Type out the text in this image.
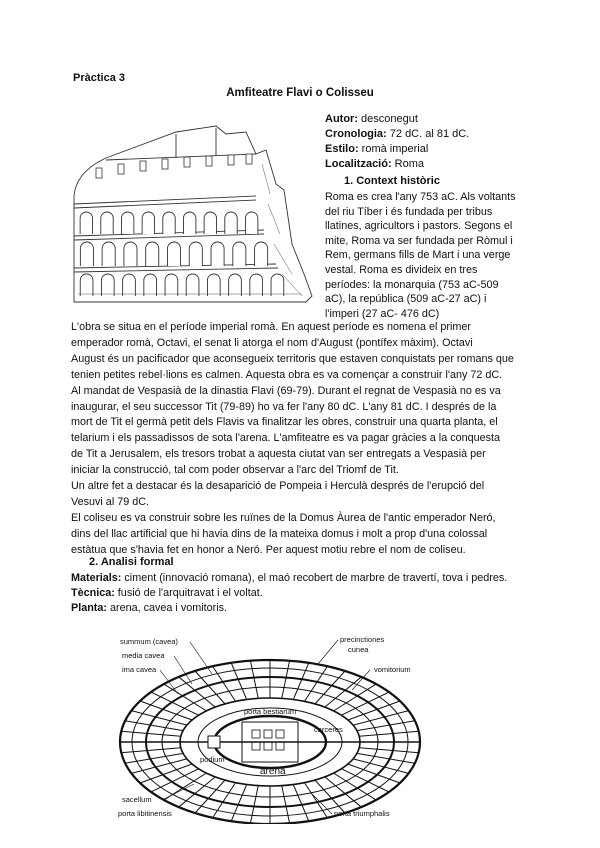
Pràctica 3
Amfiteatre Flavi o Colisseu
Autor: desconegut
Cronologia: 72 dC. al 81 dC.
Estilo: romà imperial
Localització: Roma
1. Context històric
Roma es crea l'any 753 aC. Als voltants
del riu Tíber i és fundada per tribus
llatines, agricultors i pastors. Segons el
mite, Roma va ser fundada per Ròmul i
Rem, germans fills de Mart i una verge
vestal. Roma es divideix en tres
períodes: la monarquia (753 aC-509
aC), la república (509 aC-27 aC) i
l'imperi (27 aC- 476 dC)

L'obra se situa en el període imperial romà. En aquest període es nomena el primer

emperador romà, Octavi, el senat li atorga el nom d'August (pontífex màxim). Octavi

August és un pacificador que aconsegueix territoris que estaven conquistats per romans que

tenien petites rebel·lions es calmen. Aquesta obra es va començar a construir l'any 72 dC.

Al mandat de Vespasià de la dinastia Flavi (69-79). Durant el regnat de Vespasià no es va

inaugurar, el seu successor Tit (79-89) ho va fer l'any 80 dC. L'any 81 dC. I després de la

mort de Tit el germà petit dels Flavis va finalitzar les obres, construir una quarta planta, el

telarium i els passadissos de sota l'arena. L'amfiteatre es va pagar gràcies a la conquesta

de Tit a Jerusalem, els tresors trobat a aquesta ciutat van ser entregats a Vespasià per

iniciar la construcció, tal com poder observar a l'arc del Triomf de Tit.

Un altre fet a destacar és la desaparició de Pompeia i Herculà després de l'erupció del

Vesuvi al 79 dC.

El coliseu es va construir sobre les ruïnes de la Domus Àurea de l'antic emperador Neró,

dins del llac artificial que hi havia dins de la mateixa domus i molt a prop d'una colossal

estàtua que s'havia fet en honor a Neró. Per aquest motiu rebre el nom de coliseu.

2. Analisi formal
Materials: ciment (innovació romana), el maó recobert de marbre de travertí, tova i pedres.
Tècnica: fusió de l'arquitravat i el voltat.
Planta: arena, cavea i vomitoris.
summum (cavea)
media cavea
ima cavea
precinctiones
cunea
vomitorium
porta bestiarum
carceres
podium
arena
sacellum
porta libitinensis	porta triumphalis
